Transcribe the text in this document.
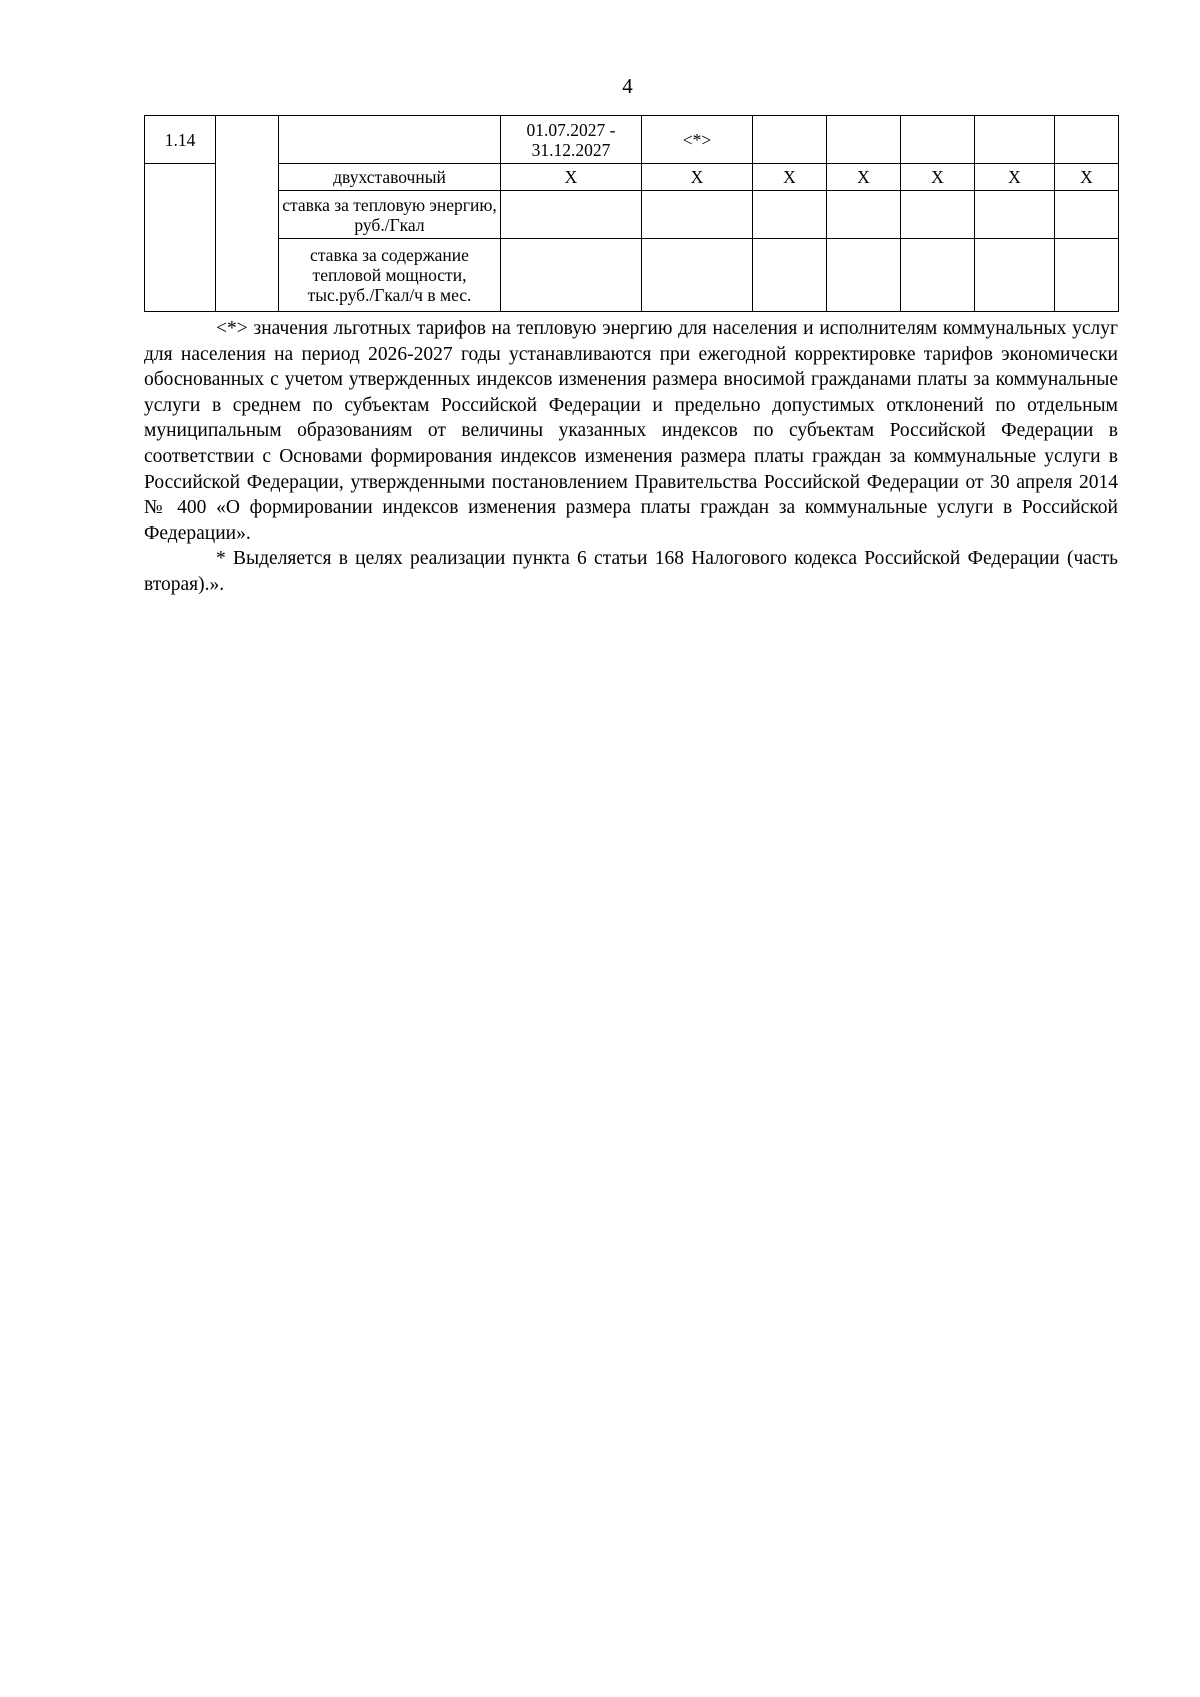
4
1.14			01.07.2027 - 31.12.2027	<*>					
		двухставочный	X	X	X	X	X	X	X
		ставка за тепловую энергию, руб./Гкал							
		ставка за содержание тепловой мощности, тыс.руб./Гкал/ч в мес.							

<*> значения льготных тарифов на тепловую энергию для населения и исполнителям коммунальных услуг для населения на период 2026-2027 годы устанавливаются при ежегодной корректировке тарифов экономически обоснованных с учетом утвержденных индексов изменения размера вносимой гражданами платы за коммунальные услуги в среднем по субъектам Российской Федерации и предельно допустимых отклонений по отдельным муниципальным образованиям от величины указанных индексов по субъектам Российской Федерации в соответствии с Основами формирования индексов изменения размера платы граждан за коммунальные услуги в Российской Федерации, утвержденными постановлением Правительства Российской Федерации от 30 апреля 2014 № 400 «О формировании индексов изменения размера платы граждан за коммунальные услуги в Российской Федерации».

* Выделяется в целях реализации пункта 6 статьи 168 Налогового кодекса Российской Федерации (часть вторая).».
